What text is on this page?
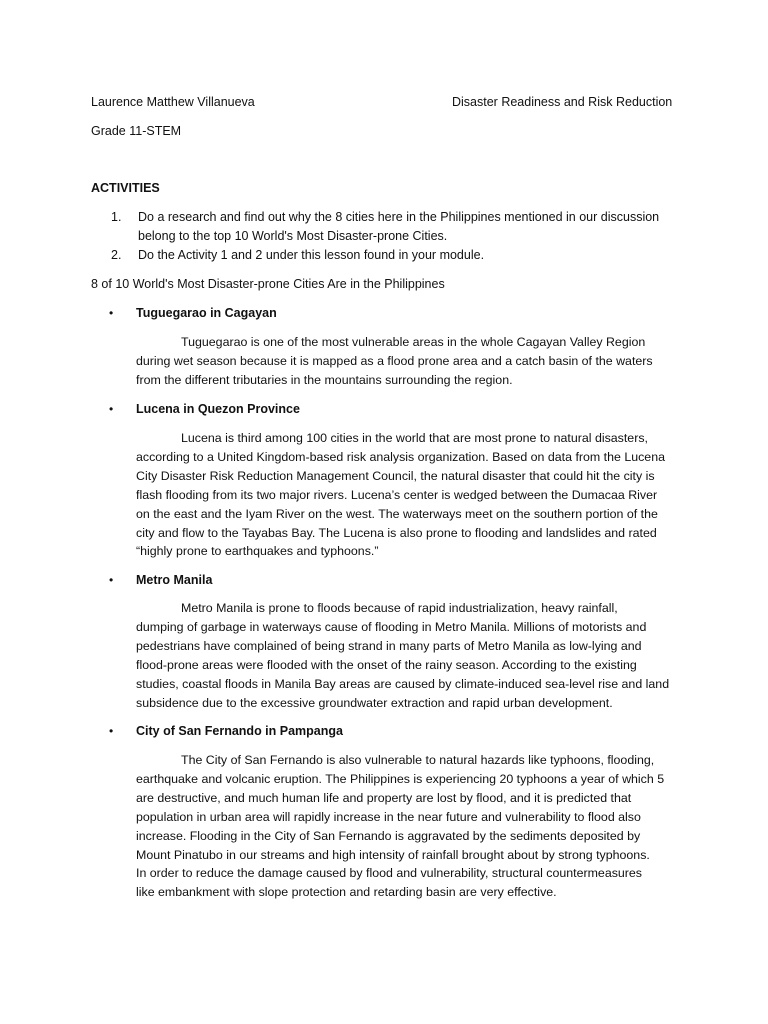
Laurence Matthew Villanueva	Disaster Readiness and Risk Reduction

Grade 11-STEM

ACTIVITIES

1. Do a research and find out why the 8 cities here in the Philippines mentioned in our discussion

belong to the top 10 World's Most Disaster-prone Cities.

2. Do the Activity 1 and 2 under this lesson found in your module.

8 of 10 World's Most Disaster-prone Cities Are in the Philippines

• Tuguegarao in Cagayan

Tuguegarao is one of the most vulnerable areas in the whole Cagayan Valley Region
during wet season because it is mapped as a flood prone area and a catch basin of the waters
from the different tributaries in the mountains surrounding the region.

• Lucena in Quezon Province

Lucena is third among 100 cities in the world that are most prone to natural disasters,
according to a United Kingdom-based risk analysis organization. Based on data from the Lucena
City Disaster Risk Reduction Management Council, the natural disaster that could hit the city is
flash flooding from its two major rivers. Lucena’s center is wedged between the Dumacaa River
on the east and the Iyam River on the west. The waterways meet on the southern portion of the
city and flow to the Tayabas Bay. The Lucena is also prone to flooding and landslides and rated
“highly prone to earthquakes and typhoons.”

• Metro Manila

Metro Manila is prone to floods because of rapid industrialization, heavy rainfall,
dumping of garbage in waterways cause of flooding in Metro Manila. Millions of motorists and
pedestrians have complained of being strand in many parts of Metro Manila as low-lying and
flood-prone areas were flooded with the onset of the rainy season. According to the existing
studies, coastal floods in Manila Bay areas are caused by climate-induced sea-level rise and land
subsidence due to the excessive groundwater extraction and rapid urban development.

• City of San Fernando in Pampanga

The City of San Fernando is also vulnerable to natural hazards like typhoons, flooding,
earthquake and volcanic eruption. The Philippines is experiencing 20 typhoons a year of which 5
are destructive, and much human life and property are lost by flood, and it is predicted that
population in urban area will rapidly increase in the near future and vulnerability to flood also
increase. Flooding in the City of San Fernando is aggravated by the sediments deposited by
Mount Pinatubo in our streams and high intensity of rainfall brought about by strong typhoons.
In order to reduce the damage caused by flood and vulnerability, structural countermeasures
like embankment with slope protection and retarding basin are very effective.
